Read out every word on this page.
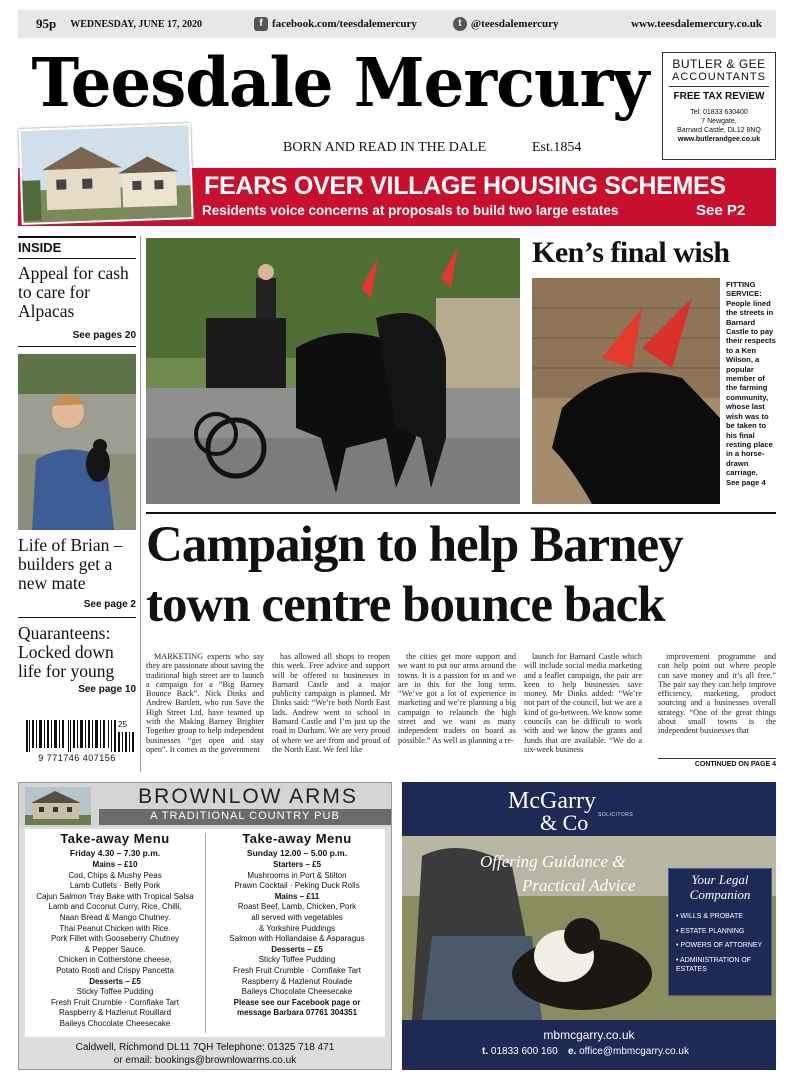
95p WEDNESDAY, JUNE 17, 2020	f facebook.com/teesdalemercury	t @teesdalemercury	www.teesdalemercury.co.uk
Teesdale Mercury
BORN AND READ IN THE DALE	Est.1854
BUTLER & GEE
ACCOUNTANTS
FREE TAX REVIEW
Tel: 01833 630400
7 Newgate,
Barnard Castle, DL12 8NQ
www.butlerandgee.co.uk
FEARS OVER VILLAGE HOUSING SCHEMES
Residents voice concerns at proposals to build two large estates	See P2
INSIDE
Appeal for cash to care for Alpacas
See pages 20
Life of Brian – builders get a new mate
See page 2
Quaranteens: Locked down life for young
See page 10
25
9 771746 407156
Ken’s final wish
FITTING SERVICE:
People lined the streets in Barnard Castle to pay their respects to a Ken Wilson, a popular member of the farming community, whose last wish was to be taken to his final resting place in a horse-drawn carriage.
See page 4
Campaign to help Barney
town centre bounce back

MARKETING experts who say they are passionate about saving the traditional high street are to launch a campaign for a “Big Barney Bounce Back”. Nick Dinks and Andrew Bartlett, who run Save the High Street Ltd, have teamed up with the Making Barney Brighter Together group to help independent businesses “get open and stay open”. It comes as the government

has allowed all shops to reopen this week. Free advice and support will be offered to businesses in Barnard Castle and a major publicity campaign is planned. Mr Dinks said: “We’re both North East lads. Andrew went to school in Barnard Castle and I’m just up the road in Durham. We are very proud of where we are from and proud of the North East. We feel like

the cities get more support and we want to put our arms around the towns. It is a passion for us and we are in this for the long term. “We’ve got a lot of experience in marketing and we’re planning a big campaign to relaunch the high street and we want as many independent traders on board as possible.” As well as planning a re-

launch for Barnard Castle which will include social media marketing and a leaflet campaign, the pair are keen to help businesses save money. Mr Dinks added: “We’re not part of the council, but we are a kind of go-between. We know some councils can be difficult to work with and we know the grants and funds that are available. “We do a six-week business

improvement programme and can help point out where people can save money and it’s all free.” The pair say they can help improve efficiency, marketing, product sourcing and a businesses overall strategy. “One of the great things about small towns is the independent businesses that

CONTINUED ON PAGE 4
BROWNLOW ARMS
A TRADITIONAL COUNTRY PUB
Take-away Menu
Friday 4.30 – 7.30 p.m.
Mains – £10
Cod, Chips & Mushy Peas
Lamb Cutlets · Belly Pork
Cajun Salmon Tray Bake with Tropical Salsa
Lamb and Coconut Curry, Rice, Chilli,
Naan Bread & Mango Chutney.
Thai Peanut Chicken with Rice.
Pork Fillet with Gooseberry Chutney
& Pepper Sauce.
Chicken in Cotherstone cheese,
Potato Rosti and Crispy Pancetta
Desserts – £5
Sticky Toffee Pudding
Fresh Fruit Crumble · Cornflake Tart
Raspberry & Hazlenut Rouillard
Baileys Chocolate Cheesecake
Take-away Menu
Sunday 12.00 – 5.00 p.m.
Starters – £5
Mushrooms in Port & Stilton
Prawn Cocktail · Peking Duck Rolls
Mains – £11
Roast Beef, Lamb, Chicken, Pork
all served with vegetables
& Yorkshire Puddings
Salmon with Hollandaise & Asparagus
Desserts – £5
Sticky Toffee Pudding
Fresh Fruit Crumble · Cornflake Tart
Raspberry & Hazlenut Roulade
Baileys Chocolate Cheesecake
Please see our Facebook page or
message Barbara 07761 304351
Caldwell, Richmond DL11 7QH Telephone: 01325 718 471
or email: bookings@brownlowarms.co.uk
McGarry
& Co SOLICITORS
Offering Guidance &
Practical Advice	Your Legal
Companion
• WILLS & PROBATE
• ESTATE PLANNING
• POWERS OF ATTORNEY
• ADMINISTRATION OF ESTATES
mbmcgarry.co.uk
t. 01833 600 160 e. office@mbmcgarry.co.uk
